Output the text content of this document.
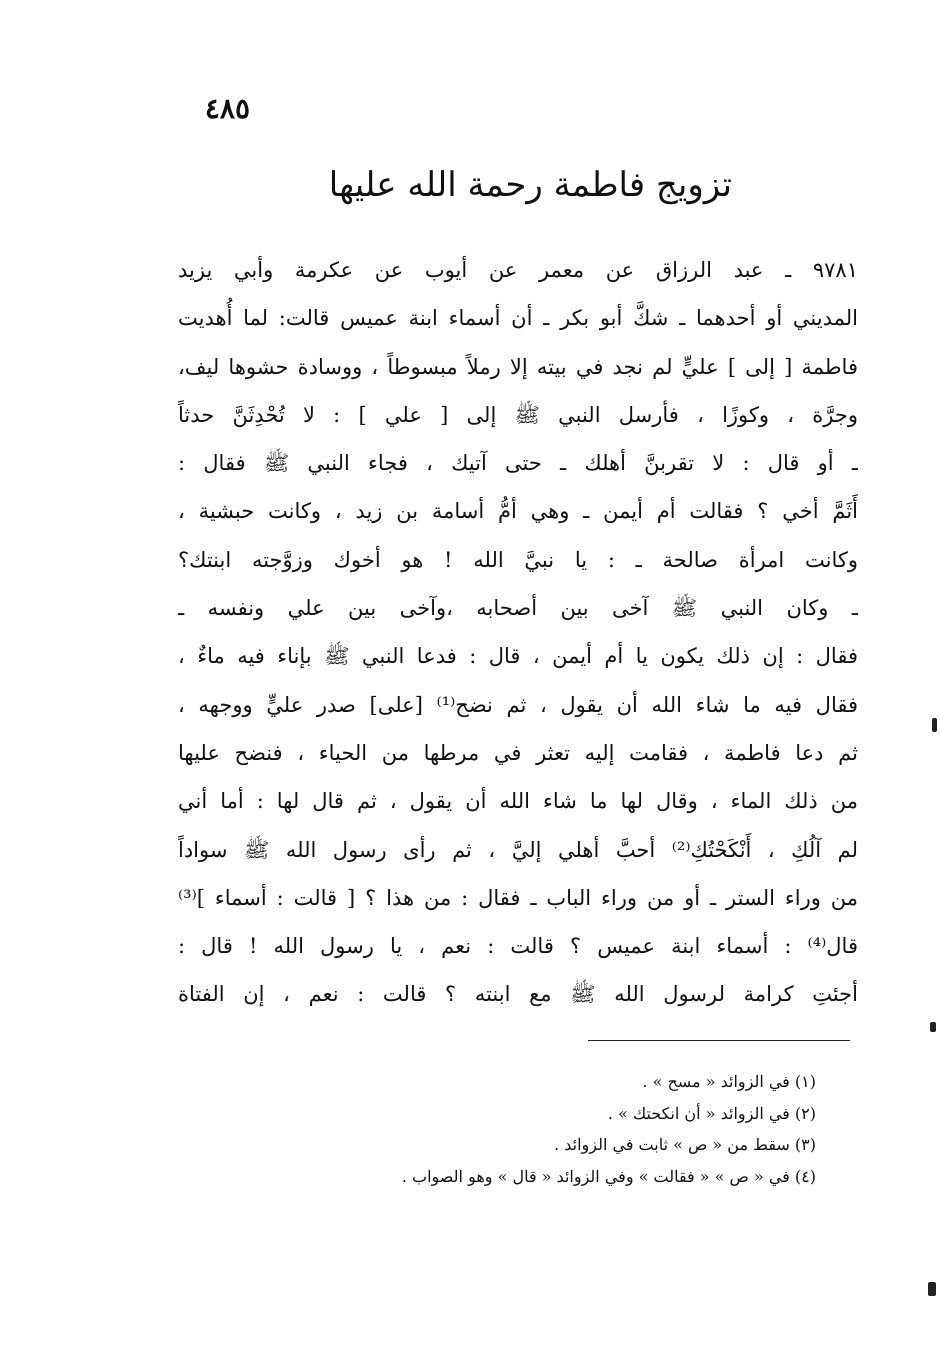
٤٨٥
تزويج فاطمة رحمة الله عليها
٩٧٨١ ـ عبد الرزاق عن معمر عن أيوب عن عكرمة وأبي يزيد
المديني أو أحدهما ـ شكَّ أبو بكر ـ أن أسماء ابنة عميس قالت: لما أُهديت
فاطمة [ إلى ] عليٍّ لم نجد في بيته إلا رملاً مبسوطاً ، ووسادة حشوها ليف،
وجرَّة ، وكوزًا ، فأرسل النبي ﷺ إلى [ علي ] : لا تُحْدِثَنَّ حدثاً
ـ أو قال : لا تقربنَّ أهلك ـ حتى آتيك ، فجاء النبي ﷺ فقال :
أَثَمَّ أخي ؟ فقالت أم أيمن ـ وهي أمُّ أسامة بن زيد ، وكانت حبشية ،
وكانت امرأة صالحة ـ : يا نبيَّ الله ! هو أخوك وزوَّجته ابنتك؟
ـ وكان النبي ﷺ آخى بين أصحابه ،وآخى بين علي ونفسه ـ
فقال : إن ذلك يكون يا أم أيمن ، قال : فدعا النبي ﷺ بإناء فيه ماءٌ ،
فقال فيه ما شاء الله أن يقول ، ثم نضح⁽¹⁾ [على] صدر عليٍّ ووجهه ،
ثم دعا فاطمة ، فقامت إليه تعثر في مرطها من الحياء ، فنضح عليها
من ذلك الماء ، وقال لها ما شاء الله أن يقول ، ثم قال لها : أما أني
لم آلُكِ ، أَنْكَحْتُكِ⁽²⁾ أحبَّ أهلي إليَّ ، ثم رأى رسول الله ﷺ سواداً
من وراء الستر ـ أو من وراء الباب ـ فقال : من هذا ؟ [ قالت : أسماء ]⁽³⁾
قال⁽⁴⁾ : أسماء ابنة عميس ؟ قالت : نعم ، يا رسول الله ! قال :
أجئتِ كرامة لرسول الله ﷺ مع ابنته ؟ قالت : نعم ، إن الفتاة
(١) في الزوائد « مسح » .
(٢) في الزوائد « أن انكحتك » .
(٣) سقط من « ص » ثابت في الزوائد .
(٤) في « ص » « فقالت » وفي الزوائد « قال » وهو الصواب .
